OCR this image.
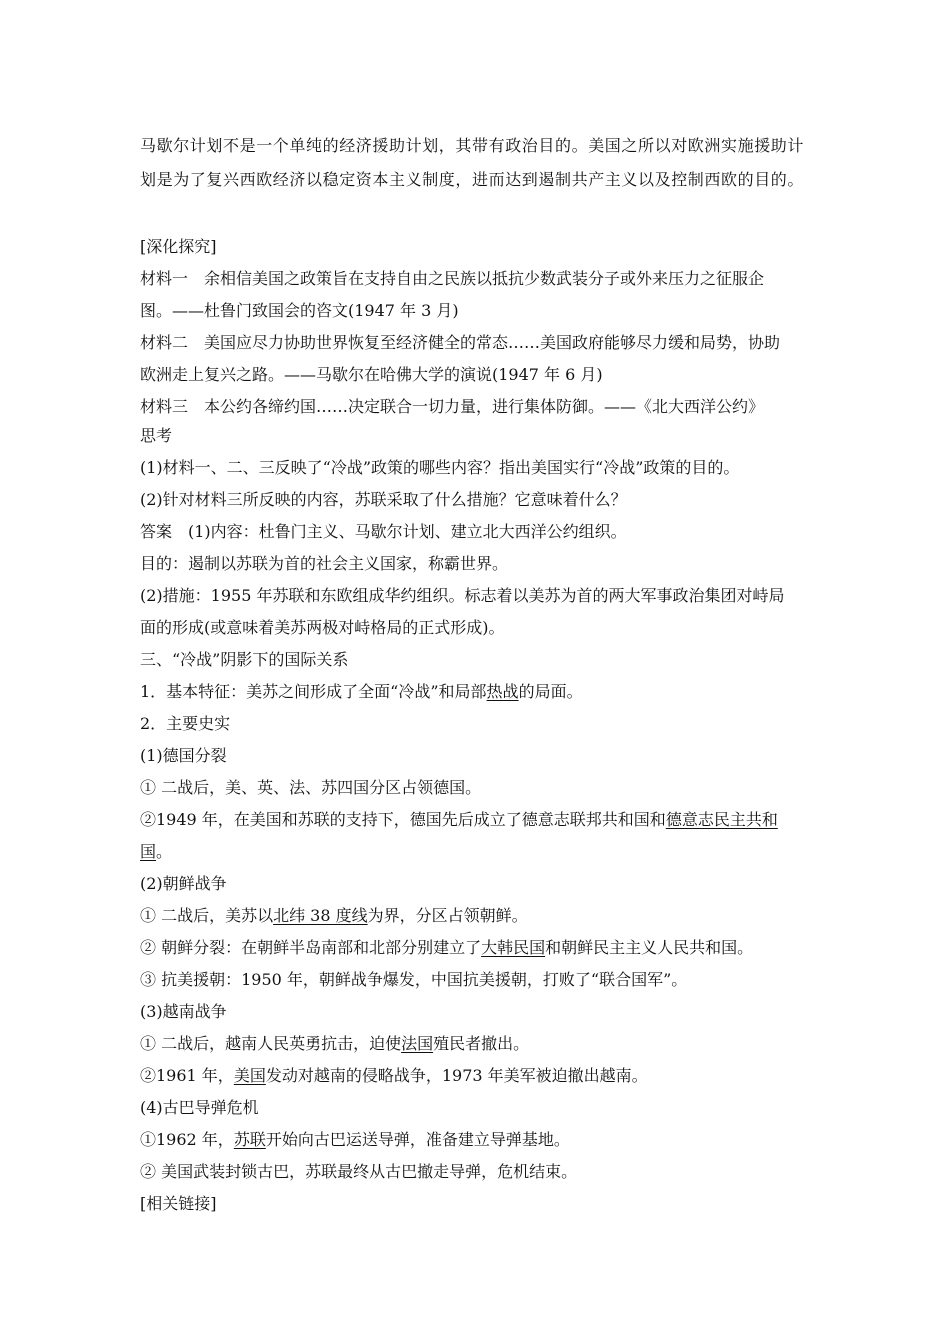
马歇尔计划不是一个单纯的经济援助计划，其带有政治目的。美国之所以对欧洲实施援助计
划是为了复兴西欧经济以稳定资本主义制度，进而达到遏制共产主义以及控制西欧的目的。
[深化探究]
材料一　余相信美国之政策旨在支持自由之民族以抵抗少数武装分子或外来压力之征服企
图。——杜鲁门致国会的咨文(1947 年 3 月)
材料二　美国应尽力协助世界恢复至经济健全的常态……美国政府能够尽力缓和局势，协助
欧洲走上复兴之路。——马歇尔在哈佛大学的演说(1947 年 6 月)
材料三　本公约各缔约国……决定联合一切力量，进行集体防御。——《北大西洋公约》
思考
(1)材料一、二、三反映了“冷战”政策的哪些内容？指出美国实行“冷战”政策的目的。
(2)针对材料三所反映的内容，苏联采取了什么措施？它意味着什么？
答案　(1)内容：杜鲁门主义、马歇尔计划、建立北大西洋公约组织。
目的：遏制以苏联为首的社会主义国家，称霸世界。
(2)措施：1955 年苏联和东欧组成华约组织。标志着以美苏为首的两大军事政治集团对峙局
面的形成(或意味着美苏两极对峙格局的正式形成)。
三、“冷战”阴影下的国际关系
1．基本特征：美苏之间形成了全面“冷战”和局部热战的局面。
2．主要史实
(1)德国分裂
① 二战后，美、英、法、苏四国分区占领德国。
②1949 年，在美国和苏联的支持下，德国先后成立了德意志联邦共和国和德意志民主共和
国。
(2)朝鲜战争
① 二战后，美苏以北纬 38 度线为界，分区占领朝鲜。
② 朝鲜分裂：在朝鲜半岛南部和北部分别建立了大韩民国和朝鲜民主主义人民共和国。
③ 抗美援朝：1950 年，朝鲜战争爆发，中国抗美援朝，打败了“联合国军”。
(3)越南战争
① 二战后，越南人民英勇抗击，迫使法国殖民者撤出。
②1961 年，美国发动对越南的侵略战争，1973 年美军被迫撤出越南。
(4)古巴导弹危机
①1962 年，苏联开始向古巴运送导弹，准备建立导弹基地。
② 美国武装封锁古巴，苏联最终从古巴撤走导弹，危机结束。
[相关链接]
